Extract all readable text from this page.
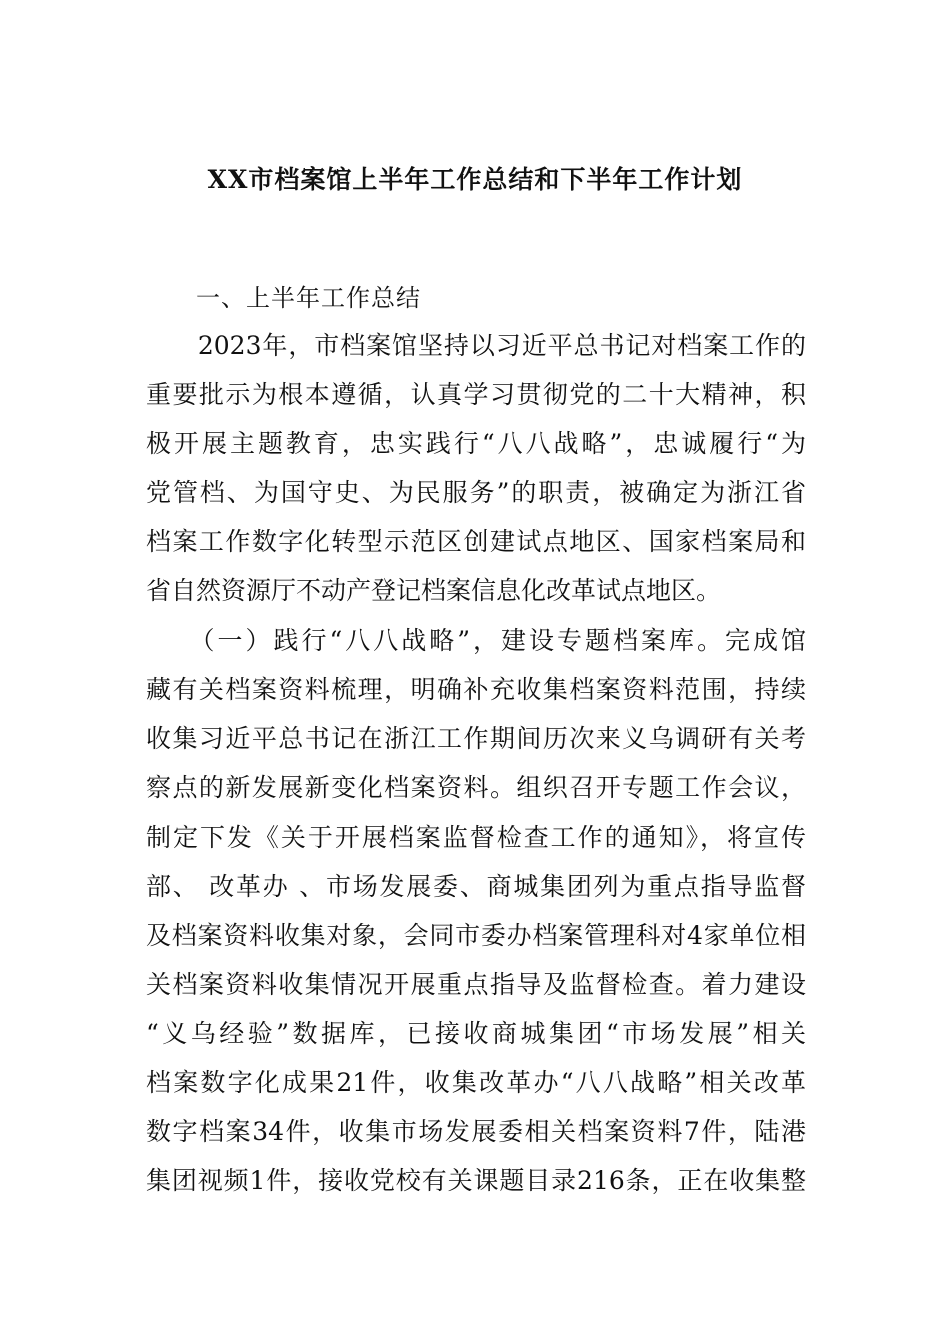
XX市档案馆上半年工作总结和下半年工作计划
一、上半年工作总结
　　2023年，市档案馆坚持以习近平总书记对档案工作的
重要批示为根本遵循，认真学习贯彻党的二十大精神，积
极开展主题教育，忠实践行“八八战略”，忠诚履行“为
党管档、为国守史、为民服务”的职责，被确定为浙江省
档案工作数字化转型示范区创建试点地区、国家档案局和
省自然资源厅不动产登记档案信息化改革试点地区。
　　（一）践行“八八战略”，建设专题档案库。完成馆
藏有关档案资料梳理，明确补充收集档案资料范围，持续
收集习近平总书记在浙江工作期间历次来义乌调研有关考
察点的新发展新变化档案资料。组织召开专题工作会议，
制定下发《关于开展档案监督检查工作的通知》，将宣传
部、 改革办 、市场发展委、商城集团列为重点指导监督
及档案资料收集对象，会同市委办档案管理科对4家单位相
关档案资料收集情况开展重点指导及监督检查。着力建设
“义乌经验”数据库，已接收商城集团“市场发展”相关
档案数字化成果21件，收集改革办“八八战略”相关改革
数字档案34件，收集市场发展委相关档案资料7件，陆港
集团视频1件，接收党校有关课题目录216条，正在收集整
